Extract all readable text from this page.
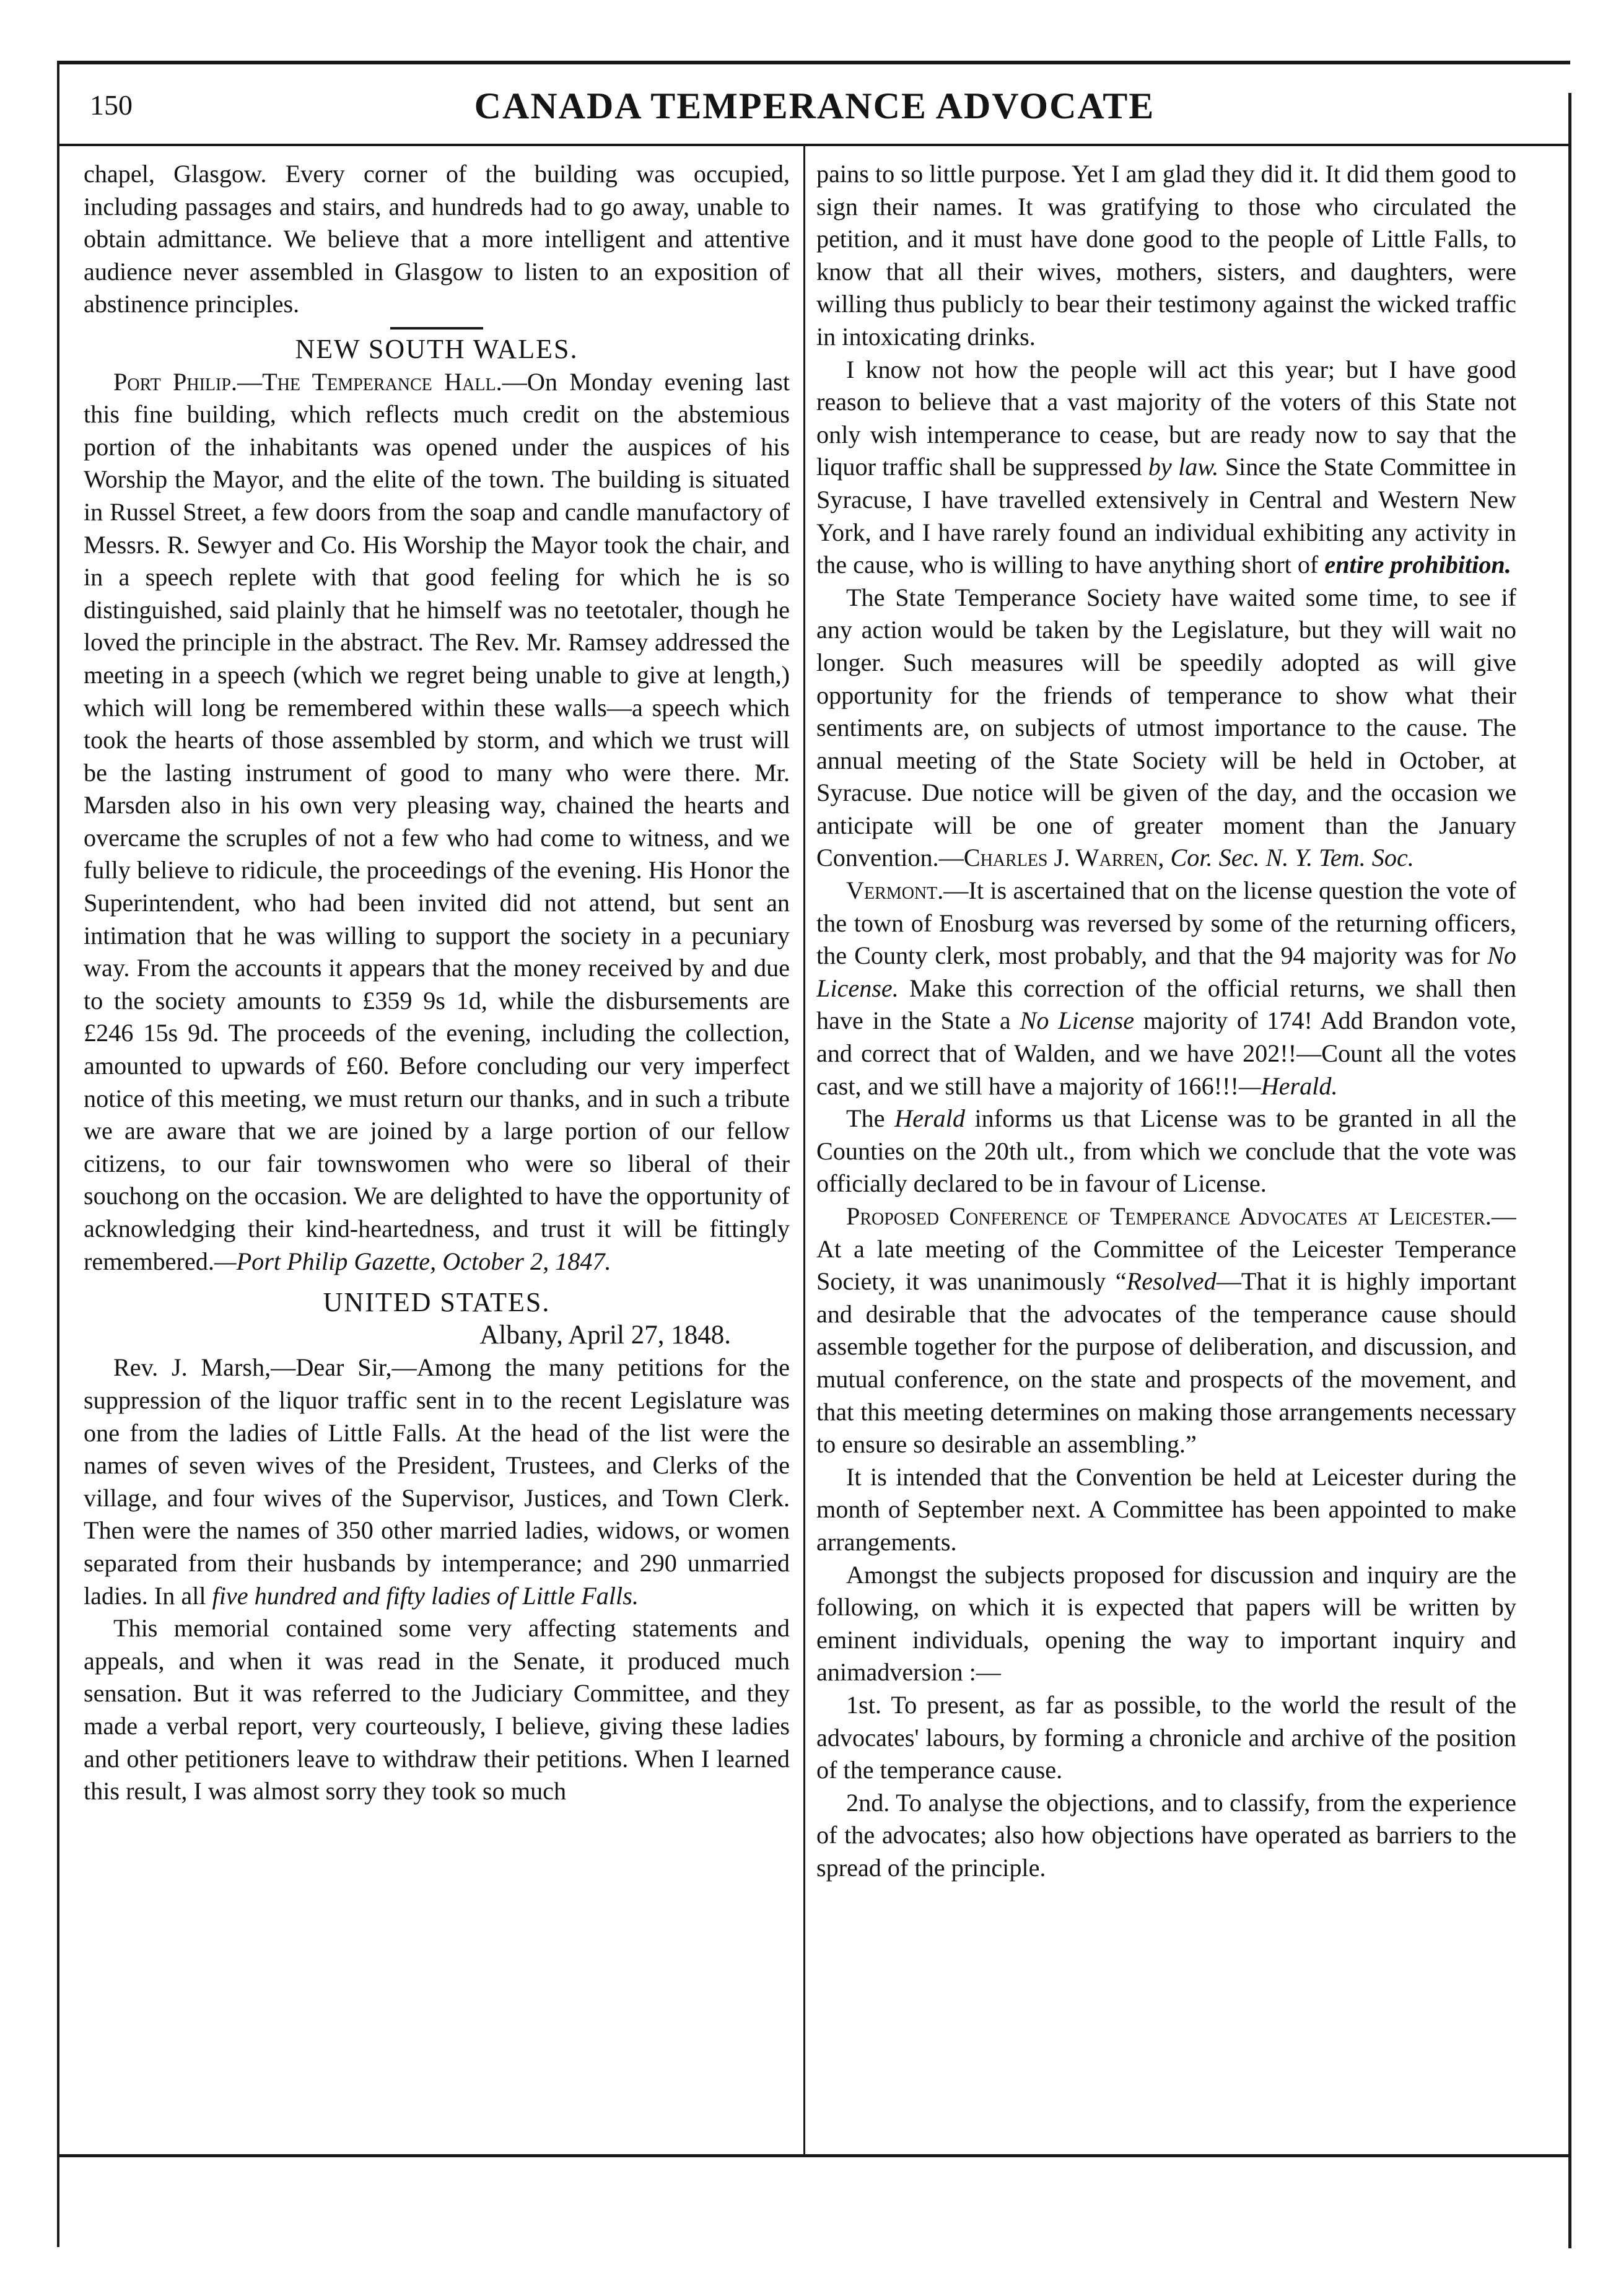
150	CANADA TEMPERANCE ADVOCATE

chapel, Glasgow. Every corner of the building was occupied, including passages and stairs, and hundreds had to go away, unable to obtain admittance. We believe that a more intelligent and attentive audience never assembled in Glasgow to listen to an exposition of abstinence principles.

NEW SOUTH WALES.

Port Philip.—The Temperance Hall.—On Monday evening last this fine building, which reflects much credit on the abstemious portion of the inhabitants was opened under the auspices of his Worship the Mayor, and the elite of the town. The building is situated in Russel Street, a few doors from the soap and candle manufactory of Messrs. R. Sewyer and Co. His Worship the Mayor took the chair, and in a speech replete with that good feeling for which he is so distinguished, said plainly that he himself was no teetotaler, though he loved the principle in the abstract. The Rev. Mr. Ramsey addressed the meeting in a speech (which we regret being unable to give at length,) which will long be remembered within these walls—a speech which took the hearts of those assembled by storm, and which we trust will be the lasting instrument of good to many who were there. Mr. Marsden also in his own very pleasing way, chained the hearts and overcame the scruples of not a few who had come to witness, and we fully believe to ridicule, the proceedings of the evening. His Honor the Superintendent, who had been invited did not attend, but sent an intimation that he was willing to support the society in a pecuniary way. From the accounts it appears that the money received by and due to the society amounts to £359 9s 1d, while the disbursements are £246 15s 9d. The proceeds of the evening, including the collection, amounted to upwards of £60. Before concluding our very imperfect notice of this meeting, we must return our thanks, and in such a tribute we are aware that we are joined by a large portion of our fellow citizens, to our fair townswomen who were so liberal of their souchong on the occasion. We are delighted to have the opportunity of acknowledging their kind-heartedness, and trust it will be fittingly remembered.—Port Philip Gazette, October 2, 1847.

UNITED STATES.

Albany, April 27, 1848.

Rev. J. Marsh,—Dear Sir,—Among the many petitions for the suppression of the liquor traffic sent in to the recent Legislature was one from the ladies of Little Falls. At the head of the list were the names of seven wives of the President, Trustees, and Clerks of the village, and four wives of the Supervisor, Justices, and Town Clerk. Then were the names of 350 other married ladies, widows, or women separated from their husbands by intemperance; and 290 unmarried ladies. In all five hundred and fifty ladies of Little Falls.

This memorial contained some very affecting statements and appeals, and when it was read in the Senate, it produced much sensation. But it was referred to the Judiciary Committee, and they made a verbal report, very courteously, I believe, giving these ladies and other petitioners leave to withdraw their petitions. When I learned this result, I was almost sorry they took so much

pains to so little purpose. Yet I am glad they did it. It did them good to sign their names. It was gratifying to those who circulated the petition, and it must have done good to the people of Little Falls, to know that all their wives, mothers, sisters, and daughters, were willing thus publicly to bear their testimony against the wicked traffic in intoxicating drinks.

I know not how the people will act this year; but I have good reason to believe that a vast majority of the voters of this State not only wish intemperance to cease, but are ready now to say that the liquor traffic shall be suppressed by law. Since the State Committee in Syracuse, I have travelled extensively in Central and Western New York, and I have rarely found an individual exhibiting any activity in the cause, who is willing to have anything short of entire prohibition.

The State Temperance Society have waited some time, to see if any action would be taken by the Legislature, but they will wait no longer. Such measures will be speedily adopted as will give opportunity for the friends of temperance to show what their sentiments are, on subjects of utmost importance to the cause. The annual meeting of the State Society will be held in October, at Syracuse. Due notice will be given of the day, and the occasion we anticipate will be one of greater moment than the January Convention.—Charles J. Warren, Cor. Sec. N. Y. Tem. Soc.

Vermont.—It is ascertained that on the license question the vote of the town of Enosburg was reversed by some of the returning officers, the County clerk, most probably, and that the 94 majority was for No License. Make this correction of the official returns, we shall then have in the State a No License majority of 174! Add Brandon vote, and correct that of Walden, and we have 202!!—Count all the votes cast, and we still have a majority of 166!!!—Herald.

The Herald informs us that License was to be granted in all the Counties on the 20th ult., from which we conclude that the vote was officially declared to be in favour of License.

Proposed Conference of Temperance Advocates at Leicester.—At a late meeting of the Committee of the Leicester Temperance Society, it was unanimously “Resolved—That it is highly important and desirable that the advocates of the temperance cause should assemble together for the purpose of deliberation, and discussion, and mutual conference, on the state and prospects of the movement, and that this meeting determines on making those arrangements necessary to ensure so desirable an assembling.”

It is intended that the Convention be held at Leicester during the month of September next. A Committee has been appointed to make arrangements.

Amongst the subjects proposed for discussion and inquiry are the following, on which it is expected that papers will be written by eminent individuals, opening the way to important inquiry and animadversion :—

1st. To present, as far as possible, to the world the result of the advocates' labours, by forming a chronicle and archive of the position of the temperance cause.

2nd. To analyse the objections, and to classify, from the experience of the advocates; also how objections have operated as barriers to the spread of the principle.
